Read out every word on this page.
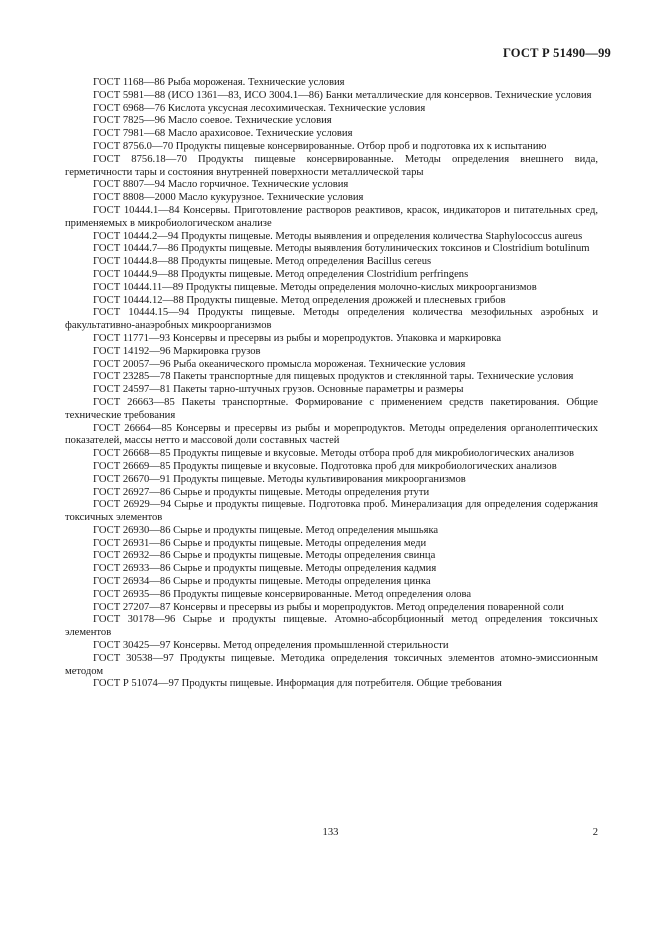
ГОСТ Р 51490—99

ГОСТ 1168—86 Рыба мороженая. Технические условия

ГОСТ 5981—88 (ИСО 1361—83, ИСО 3004.1—86) Банки металлические для консервов. Технические условия

ГОСТ 6968—76 Кислота уксусная лесохимическая. Технические условия

ГОСТ 7825—96 Масло соевое. Технические условия

ГОСТ 7981—68 Масло арахисовое. Технические условия

ГОСТ 8756.0—70 Продукты пищевые консервированные. Отбор проб и подготовка их к испытанию

ГОСТ 8756.18—70 Продукты пищевые консервированные. Методы определения внешнего вида, герметичности тары и состояния внутренней поверхности металлической тары

ГОСТ 8807—94 Масло горчичное. Технические условия

ГОСТ 8808—2000 Масло кукурузное. Технические условия

ГОСТ 10444.1—84 Консервы. Приготовление растворов реактивов, красок, индикаторов и питательных сред, применяемых в микробиологическом анализе

ГОСТ 10444.2—94 Продукты пищевые. Методы выявления и определения количества Staphylococcus aureus

ГОСТ 10444.7—86 Продукты пищевые. Методы выявления ботулинических токсинов и Clostridium botulinum

ГОСТ 10444.8—88 Продукты пищевые. Метод определения Bacillus cereus

ГОСТ 10444.9—88 Продукты пищевые. Метод определения Clostridium perfringens

ГОСТ 10444.11—89 Продукты пищевые. Методы определения молочно-кислых микроорганизмов

ГОСТ 10444.12—88 Продукты пищевые. Метод определения дрожжей и плесневых грибов

ГОСТ 10444.15—94 Продукты пищевые. Методы определения количества мезофильных аэробных и факультативно-анаэробных микроорганизмов

ГОСТ 11771—93 Консервы и пресервы из рыбы и морепродуктов. Упаковка и маркировка

ГОСТ 14192—96 Маркировка грузов

ГОСТ 20057—96 Рыба океанического промысла мороженая. Технические условия

ГОСТ 23285—78 Пакеты транспортные для пищевых продуктов и стеклянной тары. Технические условия

ГОСТ 24597—81 Пакеты тарно-штучных грузов. Основные параметры и размеры

ГОСТ 26663—85 Пакеты транспортные. Формирование с применением средств пакетирования. Общие технические требования

ГОСТ 26664—85 Консервы и пресервы из рыбы и морепродуктов. Методы определения органолептических показателей, массы нетто и массовой доли составных частей

ГОСТ 26668—85 Продукты пищевые и вкусовые. Методы отбора проб для микробиологических анализов

ГОСТ 26669—85 Продукты пищевые и вкусовые. Подготовка проб для микробиологических анализов

ГОСТ 26670—91 Продукты пищевые. Методы культивирования микроорганизмов

ГОСТ 26927—86 Сырье и продукты пищевые. Методы определения ртути

ГОСТ 26929—94 Сырье и продукты пищевые. Подготовка проб. Минерализация для определения содержания токсичных элементов

ГОСТ 26930—86 Сырье и продукты пищевые. Метод определения мышьяка

ГОСТ 26931—86 Сырье и продукты пищевые. Методы определения меди

ГОСТ 26932—86 Сырье и продукты пищевые. Методы определения свинца

ГОСТ 26933—86 Сырье и продукты пищевые. Методы определения кадмия

ГОСТ 26934—86 Сырье и продукты пищевые. Методы определения цинка

ГОСТ 26935—86 Продукты пищевые консервированные. Метод определения олова

ГОСТ 27207—87 Консервы и пресервы из рыбы и морепродуктов. Метод определения поваренной соли

ГОСТ 30178—96 Сырье и продукты пищевые. Атомно-абсорбционный метод определения токсичных элементов

ГОСТ 30425—97 Консервы. Метод определения промышленной стерильности

ГОСТ 30538—97 Продукты пищевые. Методика определения токсичных элементов атомно-эмиссионным методом

ГОСТ Р 51074—97 Продукты пищевые. Информация для потребителя. Общие требования

133	2
